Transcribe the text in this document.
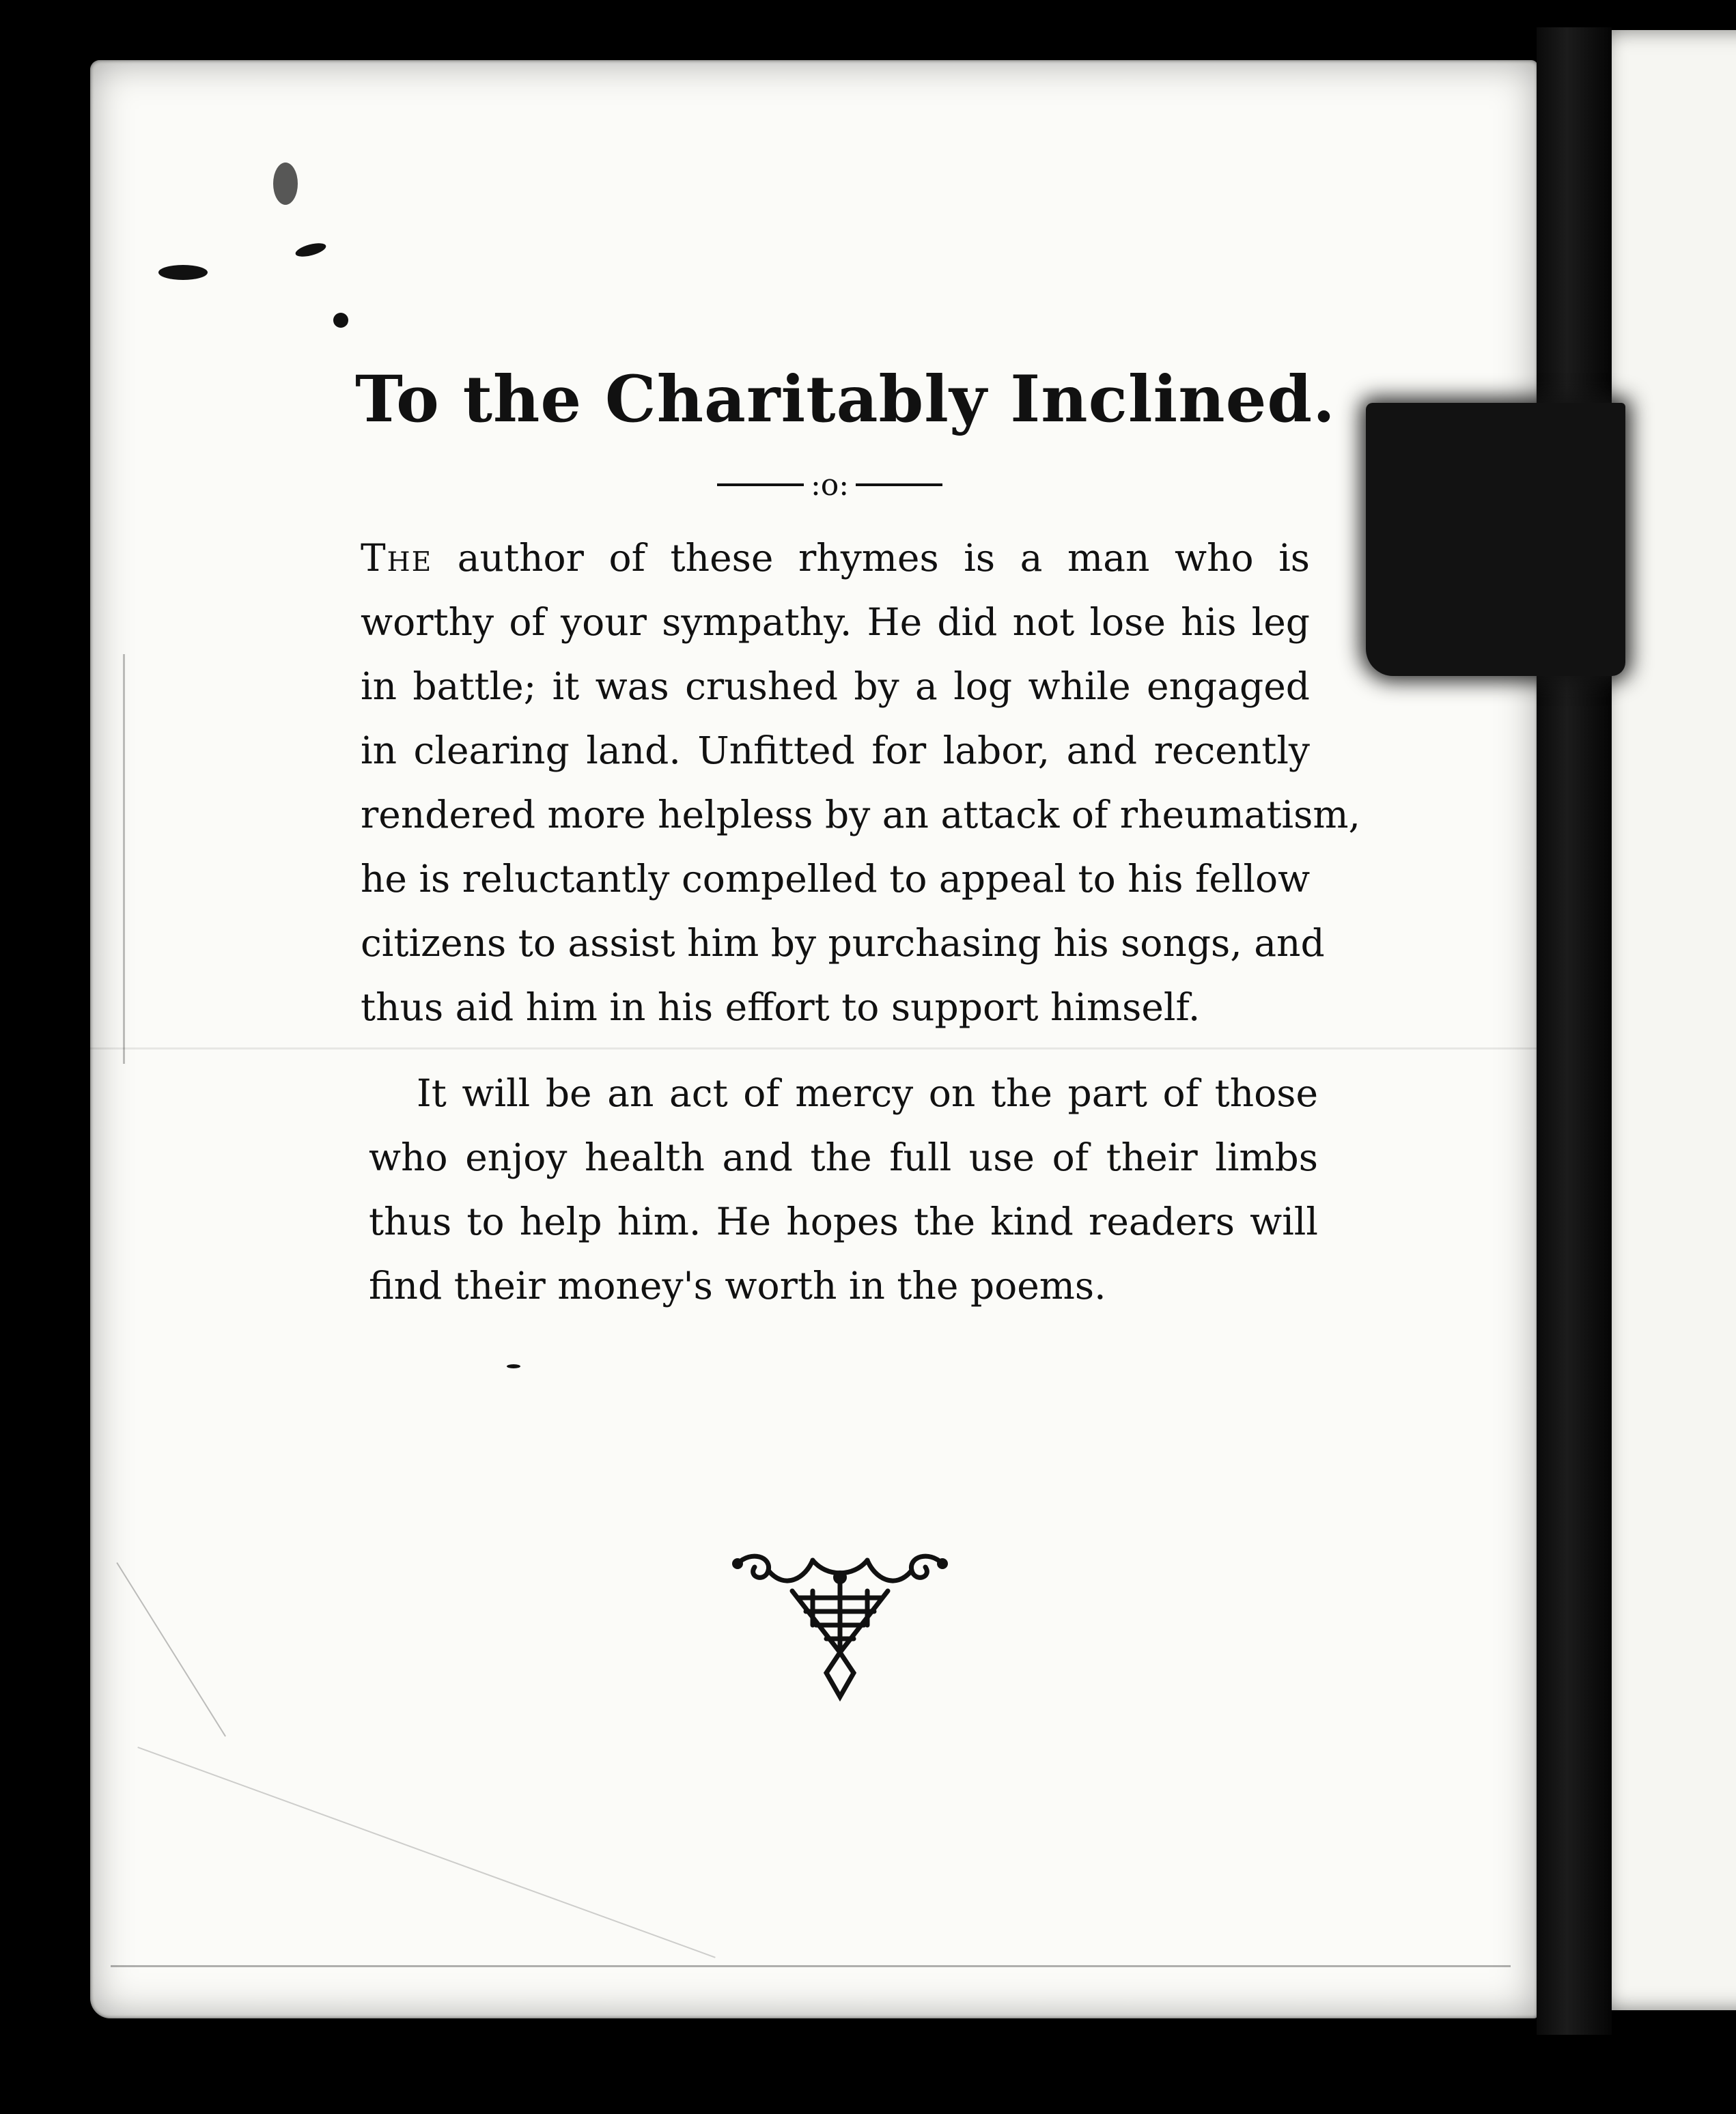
To the Charitably Inclined.
:o:
The author of these rhymes is a man who is
worthy of your sympathy. He did not lose his leg
in battle; it was crushed by a log while engaged
in clearing land. Unfitted for labor, and recently
rendered more helpless by an attack of rheumatism,
he is reluctantly compelled to appeal to his fellow
citizens to assist him by purchasing his songs, and
thus aid him in his effort to support himself.
It will be an act of mercy on the part of those
who enjoy health and the full use of their limbs
thus to help him. He hopes the kind readers will
find their money's worth in the poems.
